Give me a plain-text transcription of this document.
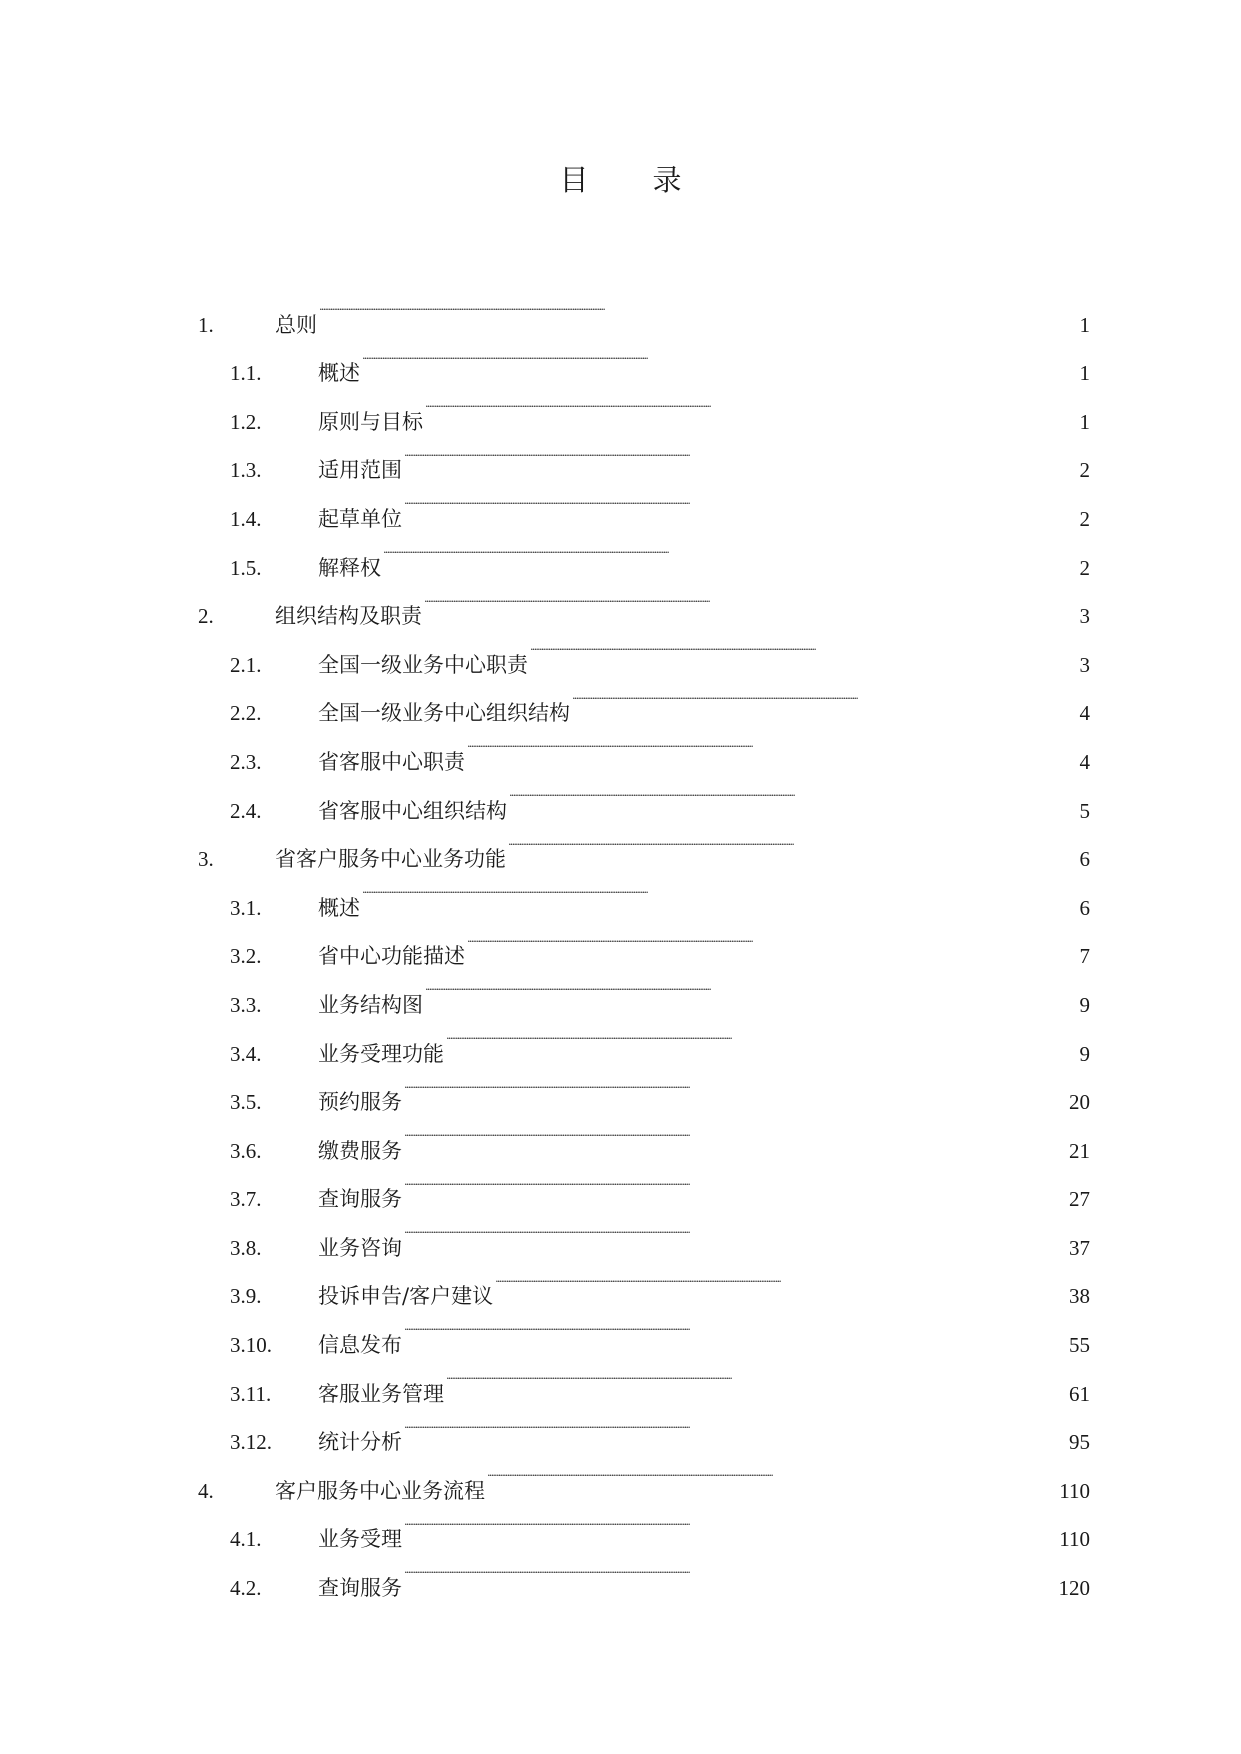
目 录
1.	总则 . . .	1
1.1.	概述 . . .	1
1.2.	原则与目标 . . .	1
1.3.	适用范围 . . .	2
1.4.	起草单位 . . .	2
1.5.	解释权 . . .	2
2.	组织结构及职责 . . .	3
2.1.	全国一级业务中心职责 . . .	3
2.2.	全国一级业务中心组织结构 . . .	4
2.3.	省客服中心职责 . . .	4
2.4.	省客服中心组织结构 . . .	5
3.	省客户服务中心业务功能 . . .	6
3.1.	概述 . . .	6
3.2.	省中心功能描述 . . .	7
3.3.	业务结构图 . . .	9
3.4.	业务受理功能 . . .	9
3.5.	预约服务 . . .	20
3.6.	缴费服务 . . .	21
3.7.	查询服务 . . .	27
3.8.	业务咨询 . . .	37
3.9.	投诉申告/客户建议 . . .	38
3.10.	信息发布 . . .	55
3.11.	客服业务管理 . . .	61
3.12.	统计分析 . . .	95
4.	客户服务中心业务流程 . . .	110
4.1.	业务受理 . . .	110
4.2.	查询服务 . . .	120
